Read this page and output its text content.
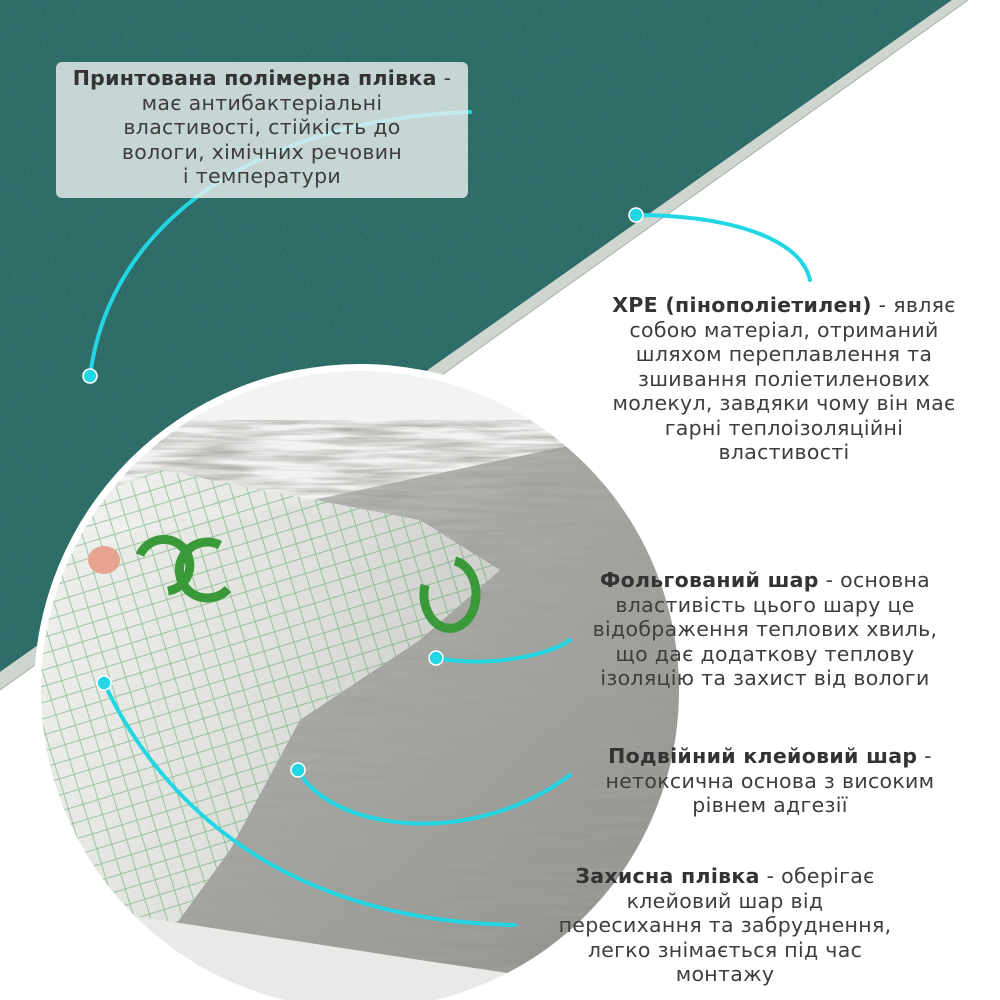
Принтована полімерна плівка -
має антибактеріальні
властивості, стійкість до
вологи, хімічних речовин
і температури
XPE (пінополіетилен) - являє
собою матеріал, отриманий
шляхом переплавлення та
зшивання поліетиленових
молекул, завдяки чому він має
гарні теплоізоляційні
властивості
Фольгований шар - основна
властивість цього шару це
відображення теплових хвиль,
що дає додаткову теплову
ізоляцію та захист від вологи
Подвійний клейовий шар -
нетоксична основа з високим
рівнем адгезії
Захисна плівка - оберігає
клейовий шар від
пересихання та забруднення,
легко знімається під час
монтажу
